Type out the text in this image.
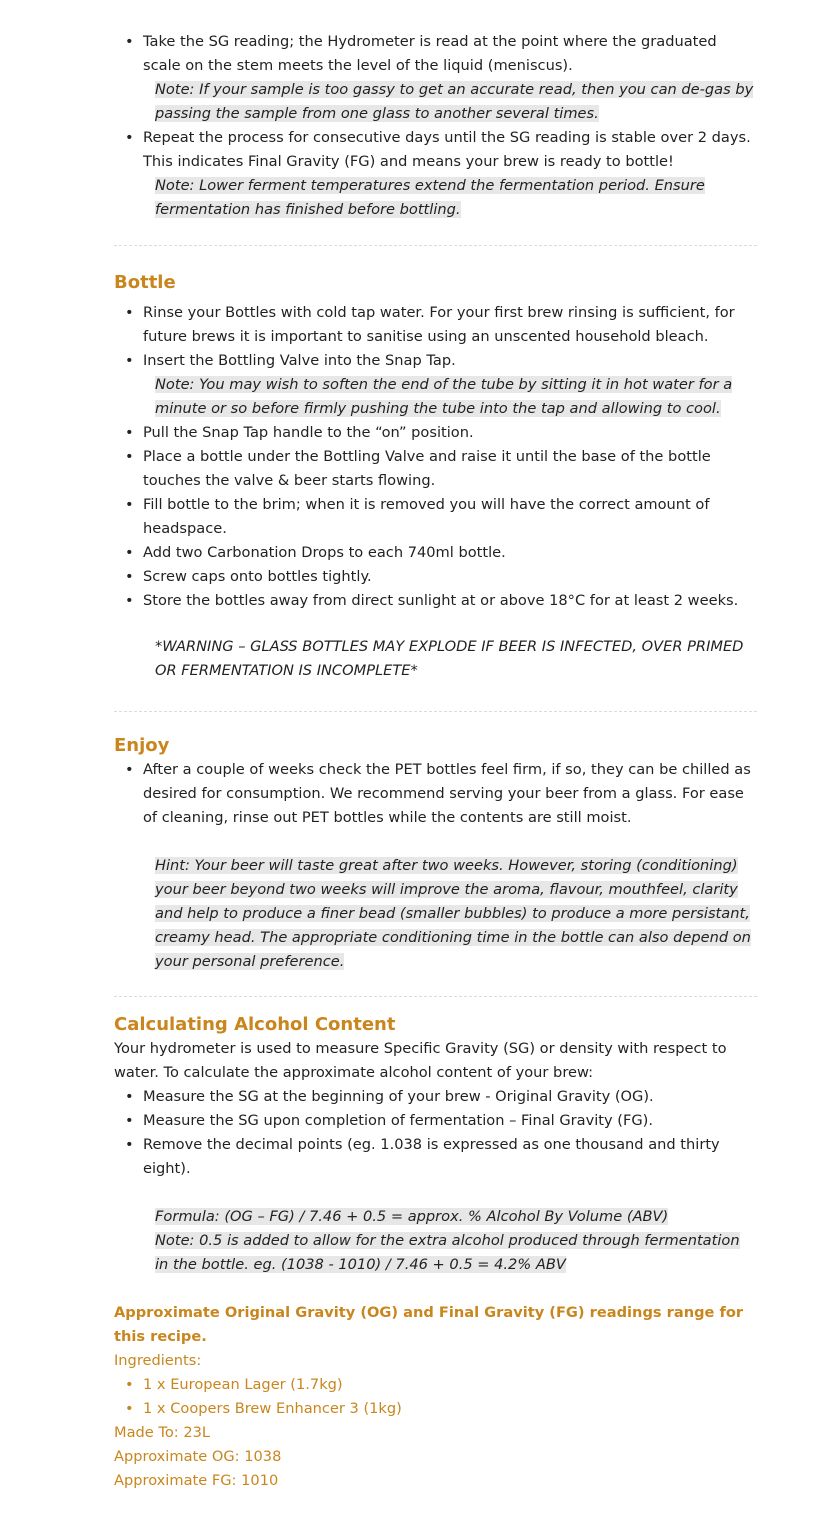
• Take the SG reading; the Hydrometer is read at the point where the graduated scale on the stem meets the level of the liquid (meniscus).
Note: If your sample is too gassy to get an accurate read, then you can de-gas by passing the sample from one glass to another several times.
• Repeat the process for consecutive days until the SG reading is stable over 2 days. This indicates Final Gravity (FG) and means your brew is ready to bottle!
Note: Lower ferment temperatures extend the fermentation period. Ensure fermentation has finished before bottling.
Bottle
• Rinse your Bottles with cold tap water. For your first brew rinsing is sufficient, for future brews it is important to sanitise using an unscented household bleach.
• Insert the Bottling Valve into the Snap Tap.
Note: You may wish to soften the end of the tube by sitting it in hot water for a minute or so before firmly pushing the tube into the tap and allowing to cool.
• Pull the Snap Tap handle to the “on” position.
• Place a bottle under the Bottling Valve and raise it until the base of the bottle touches the valve & beer starts flowing.
• Fill bottle to the brim; when it is removed you will have the correct amount of headspace.
• Add two Carbonation Drops to each 740ml bottle.
• Screw caps onto bottles tightly.
• Store the bottles away from direct sunlight at or above 18°C for at least 2 weeks.
*WARNING – GLASS BOTTLES MAY EXPLODE IF BEER IS INFECTED, OVER PRIMED OR FERMENTATION IS INCOMPLETE*
Enjoy
• After a couple of weeks check the PET bottles feel firm, if so, they can be chilled as desired for consumption. We recommend serving your beer from a glass. For ease of cleaning, rinse out PET bottles while the contents are still moist.
Hint: Your beer will taste great after two weeks. However, storing (conditioning) your beer beyond two weeks will improve the aroma, flavour, mouthfeel, clarity and help to produce a finer bead (smaller bubbles) to produce a more persistant, creamy head. The appropriate conditioning time in the bottle can also depend on your personal preference.
Calculating Alcohol Content

Your hydrometer is used to measure Specific Gravity (SG) or density with respect to water. To calculate the approximate alcohol content of your brew:

• Measure the SG at the beginning of your brew - Original Gravity (OG).
• Measure the SG upon completion of fermentation – Final Gravity (FG).
• Remove the decimal points (eg. 1.038 is expressed as one thousand and thirty eight).
Formula: (OG – FG) / 7.46 + 0.5 = approx. % Alcohol By Volume (ABV)
Note: 0.5 is added to allow for the extra alcohol produced through fermentation in the bottle. eg. (1038 - 1010) / 7.46 + 0.5 = 4.2% ABV
Approximate Original Gravity (OG) and Final Gravity (FG) readings range for this recipe.
Ingredients:
• 1 x European Lager (1.7kg)
• 1 x Coopers Brew Enhancer 3 (1kg)
Made To: 23L
Approximate OG: 1038
Approximate FG: 1010
